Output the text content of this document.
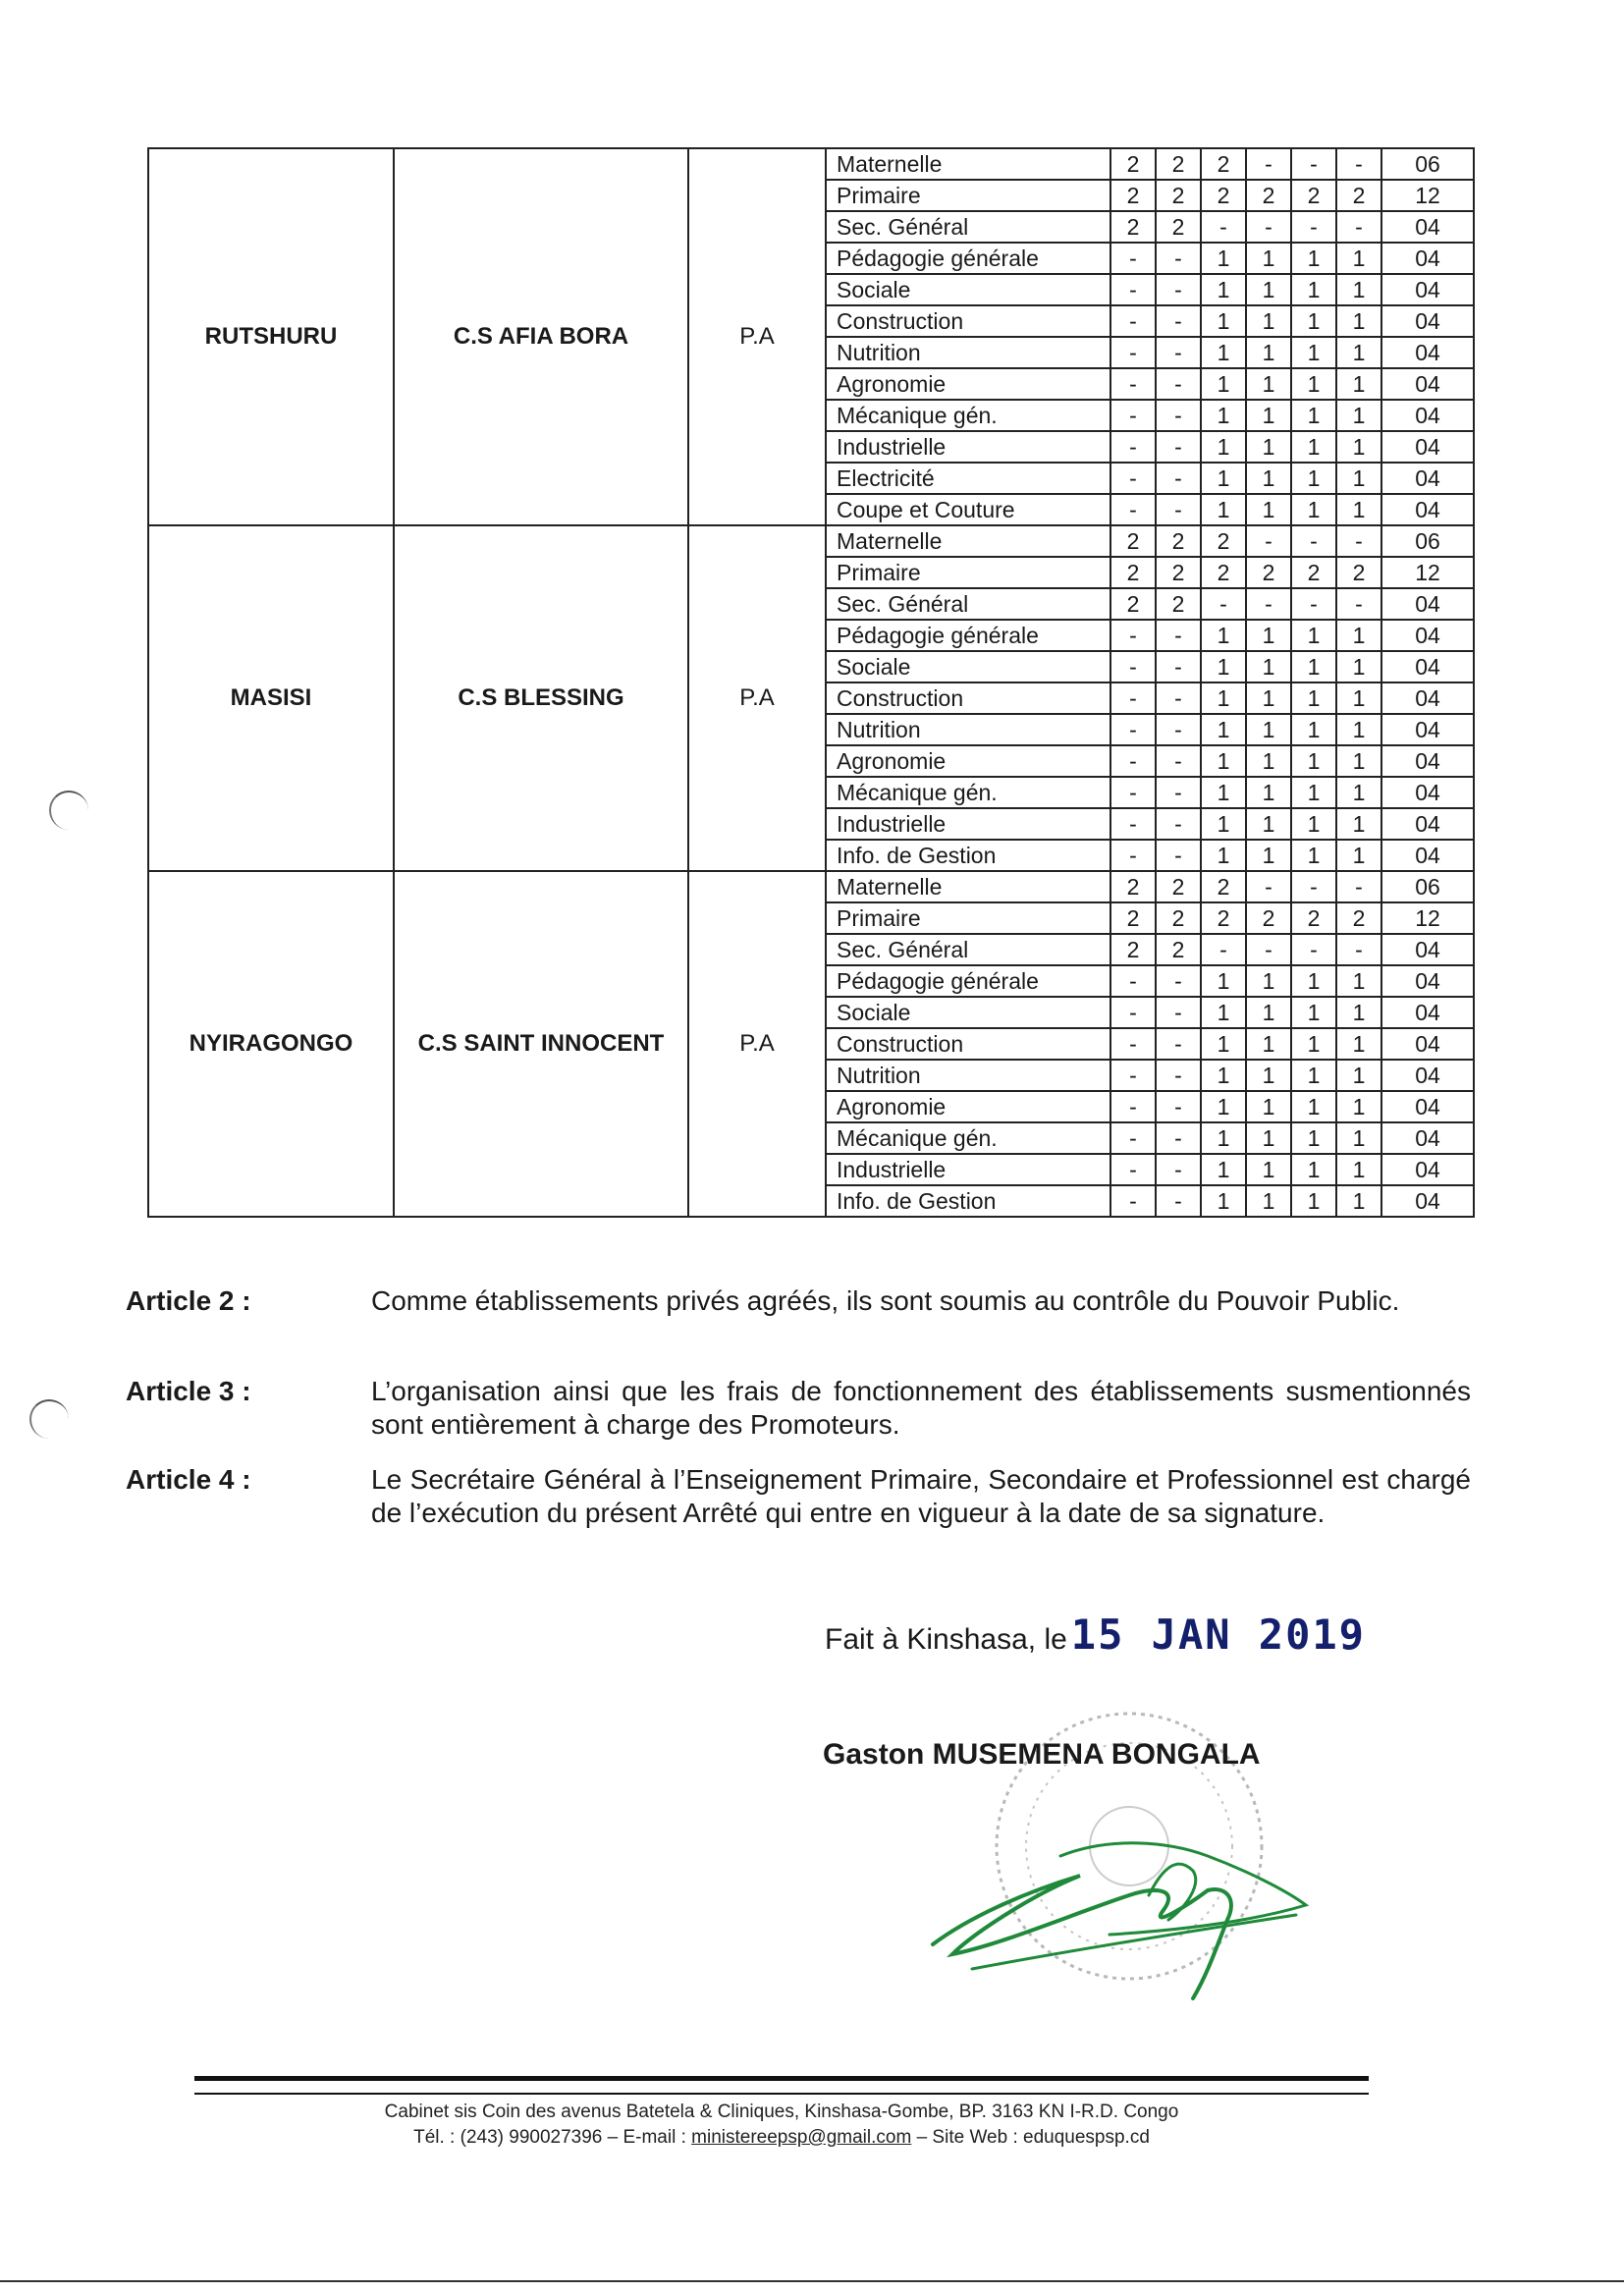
RUTSHURU	C.S AFIA BORA	P.A	Maternelle	2	2	2	-	-	-	06
			Primaire	2	2	2	2	2	2	12
			Sec. Général	2	2	-	-	-	-	04
			Pédagogie générale	-	-	1	1	1	1	04
			Sociale	-	-	1	1	1	1	04
			Construction	-	-	1	1	1	1	04
			Nutrition	-	-	1	1	1	1	04
			Agronomie	-	-	1	1	1	1	04
			Mécanique gén.	-	-	1	1	1	1	04
			Industrielle	-	-	1	1	1	1	04
			Electricité	-	-	1	1	1	1	04
			Coupe et Couture	-	-	1	1	1	1	04
MASISI	C.S BLESSING	P.A	Maternelle	2	2	2	-	-	-	06
			Primaire	2	2	2	2	2	2	12
			Sec. Général	2	2	-	-	-	-	04
			Pédagogie générale	-	-	1	1	1	1	04
			Sociale	-	-	1	1	1	1	04
			Construction	-	-	1	1	1	1	04
			Nutrition	-	-	1	1	1	1	04
			Agronomie	-	-	1	1	1	1	04
			Mécanique gén.	-	-	1	1	1	1	04
			Industrielle	-	-	1	1	1	1	04
			Info. de Gestion	-	-	1	1	1	1	04
NYIRAGONGO	C.S SAINT INNOCENT	P.A	Maternelle	2	2	2	-	-	-	06
			Primaire	2	2	2	2	2	2	12
			Sec. Général	2	2	-	-	-	-	04
			Pédagogie générale	-	-	1	1	1	1	04
			Sociale	-	-	1	1	1	1	04
			Construction	-	-	1	1	1	1	04
			Nutrition	-	-	1	1	1	1	04
			Agronomie	-	-	1	1	1	1	04
			Mécanique gén.	-	-	1	1	1	1	04
			Industrielle	-	-	1	1	1	1	04
			Info. de Gestion	-	-	1	1	1	1	04
Article 2 :	Comme établissements privés agréés, ils sont soumis au contrôle du Pouvoir Public.
Article 3 :	L’organisation ainsi que les frais de fonctionnement des établissements susmentionnés sont entièrement à charge des Promoteurs.
Article 4 :	Le Secrétaire Général à l’Enseignement Primaire, Secondaire et Professionnel est chargé de l’exécution du présent Arrêté qui entre en vigueur à la date de sa signature.
Fait à Kinshasa, le15 JAN 2019
Gaston MUSEMENA BONGALA
Cabinet sis Coin des avenus Batetela & Cliniques, Kinshasa-Gombe, BP. 3163 KN I-R.D. Congo
Tél. : (243) 990027396 – E-mail : ministereepsp@gmail.com – Site Web : eduquespsp.cd
